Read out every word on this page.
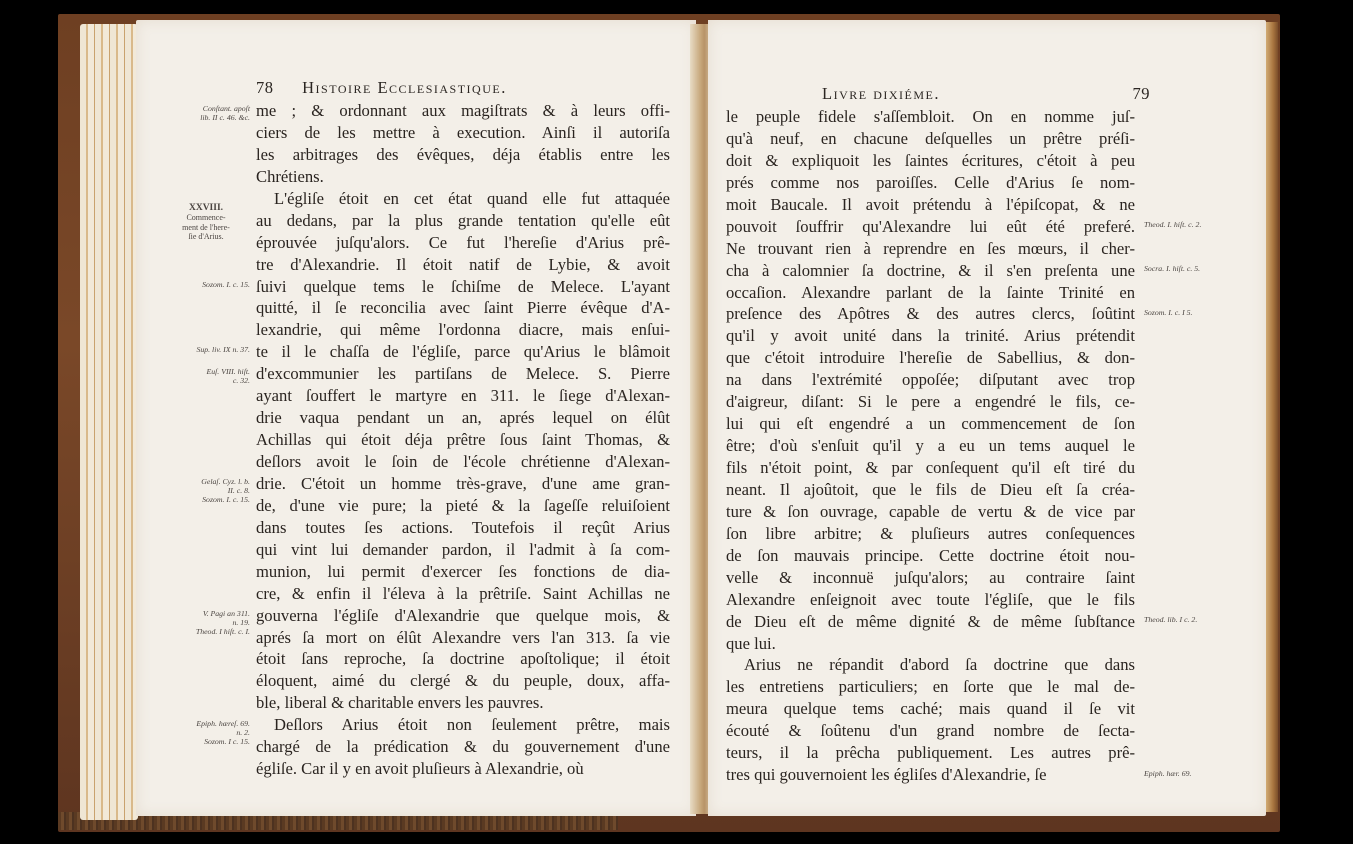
78 Histoire Ecclesiastique.
me ; & ordonnant aux magiſtrats & à leurs offi-
ciers de les mettre à execution. Ainſi il autoriſa
les arbitrages des évêques, déja établis entre les
Chrétiens.
L'égliſe étoit en cet état quand elle fut attaquée
au dedans, par la plus grande tentation qu'elle eût
éprouvée juſqu'alors. Ce fut l'hereſie d'Arius prê-
tre d'Alexandrie. Il étoit natif de Lybie, & avoit
ſuivi quelque tems le ſchiſme de Melece. L'ayant
quitté, il ſe reconcilia avec ſaint Pierre évêque d'A-
lexandrie, qui même l'ordonna diacre, mais enſui-
te il le chaſſa de l'égliſe, parce qu'Arius le blâmoit
d'excommunier les partiſans de Melece. S. Pierre
ayant ſouffert le martyre en 311. le ſiege d'Alexan-
drie vaqua pendant un an, aprés lequel on élût
Achillas qui étoit déja prêtre ſous ſaint Thomas, &
deſlors avoit le ſoin de l'école chrétienne d'Alexan-
drie. C'étoit un homme très-grave, d'une ame gran-
de, d'une vie pure; la pieté & la ſageſſe reluiſoient
dans toutes ſes actions. Toutefois il reçût Arius
qui vint lui demander pardon, il l'admit à ſa com-
munion, lui permit d'exercer ſes fonctions de dia-
cre, & enfin il l'éleva à la prêtriſe. Saint Achillas ne
gouverna l'égliſe d'Alexandrie que quelque mois, &
aprés ſa mort on élût Alexandre vers l'an 313. ſa vie
étoit ſans reproche, ſa doctrine apoſtolique; il étoit
éloquent, aimé du clergé & du peuple, doux, affa-
ble, liberal & charitable envers les pauvres.
Deſlors Arius étoit non ſeulement prêtre, mais
chargé de la prédication & du gouvernement d'une
égliſe. Car il y en avoit pluſieurs à Alexandrie, où
Conſtant. apoſt
lib. II c. 46. &c.
Sozom. I. c. 15.
Sup. liv. IX n. 37.
Euſ. VIII. hiſt.
c. 32.
Gelaſ. Cyz. l. b.
II. c. 8.
Sozom. I. c. 15.
V. Pagi an 311.
n. 19.
Theod. I hiſt. c. I.
Epiph. hæreſ. 69.
n. 2.
Sozom. I c. 15.
XXVIII.
Commence-
ment de l'here-
ſie d'Arius.
Livre dixiéme.	79
le peuple fidele s'aſſembloit. On en nomme juſ-
qu'à neuf, en chacune deſquelles un prêtre préſi-
doit & expliquoit les ſaintes écritures, c'étoit à peu
prés comme nos paroiſſes. Celle d'Arius ſe nom-
moit Baucale. Il avoit prétendu à l'épiſcopat, & ne
pouvoit ſouffrir qu'Alexandre lui eût été preferé.
Ne trouvant rien à reprendre en ſes mœurs, il cher-
cha à calomnier ſa doctrine, & il s'en preſenta une
occaſion. Alexandre parlant de la ſainte Trinité en
preſence des Apôtres & des autres clercs, ſoûtint
qu'il y avoit unité dans la trinité. Arius prétendit
que c'étoit introduire l'hereſie de Sabellius, & don-
na dans l'extrémité oppoſée; diſputant avec trop
d'aigreur, diſant: Si le pere a engendré le fils, ce-
lui qui eſt engendré a un commencement de ſon
être; d'où s'enſuit qu'il y a eu un tems auquel le
fils n'étoit point, & par conſequent qu'il eſt tiré du
neant. Il ajoûtoit, que le fils de Dieu eſt ſa créa-
ture & ſon ouvrage, capable de vertu & de vice par
ſon libre arbitre; & pluſieurs autres conſequences
de ſon mauvais principe. Cette doctrine étoit nou-
velle & inconnuë juſqu'alors; au contraire ſaint
Alexandre enſeignoit avec toute l'égliſe, que le fils
de Dieu eſt de même dignité & de même ſubſtance
que lui.
Arius ne répandit d'abord ſa doctrine que dans
les entretiens particuliers; en ſorte que le mal de-
meura quelque tems caché; mais quand il ſe vit
écouté & ſoûtenu d'un grand nombre de ſecta-
teurs, il la prêcha publiquement. Les autres prê-
tres qui gouvernoient les égliſes d'Alexandrie, ſe
Theod. I. hiſt. c. 2.
Socra. I. hiſt. c. 5.
Sozom. I. c. I 5.
Theod. lib. I c. 2.
Epiph. hær. 69.
